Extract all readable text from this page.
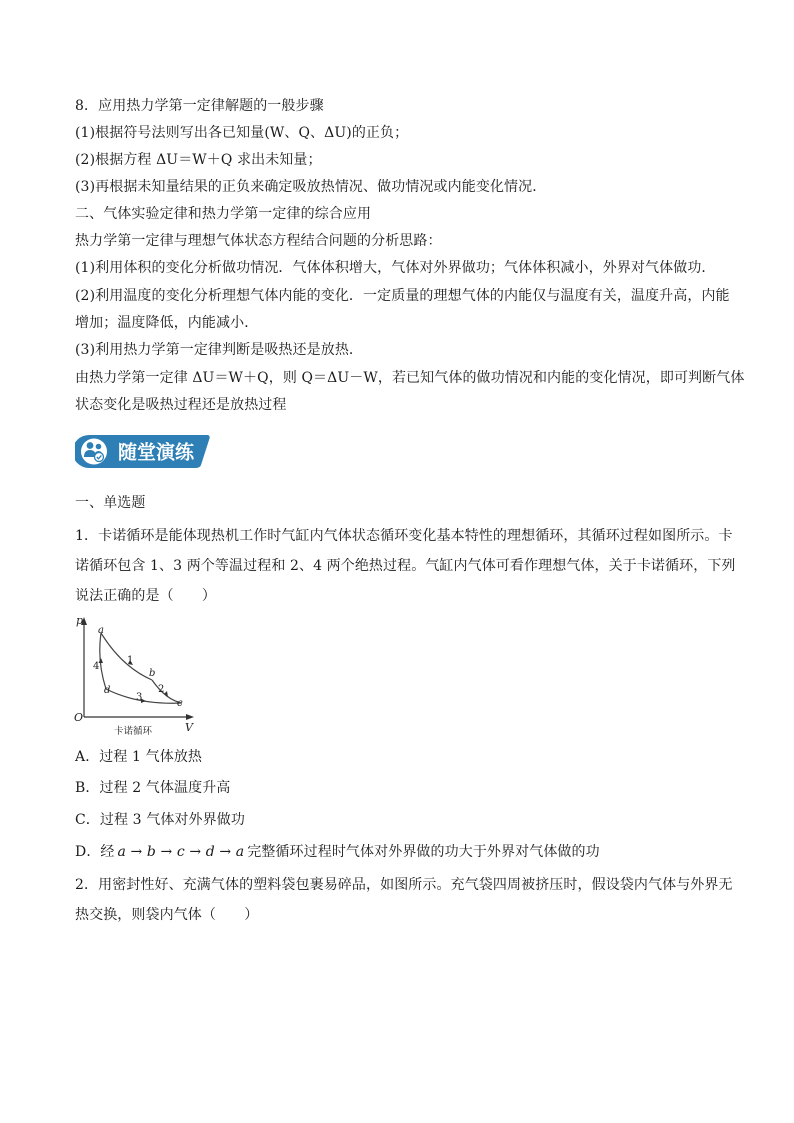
8．应用热力学第一定律解题的一般步骤
(1)根据符号法则写出各已知量(W、Q、ΔU)的正负；
(2)根据方程 ΔU＝W＋Q 求出未知量；
(3)再根据未知量结果的正负来确定吸放热情况、做功情况或内能变化情况．
二、气体实验定律和热力学第一定律的综合应用
热力学第一定律与理想气体状态方程结合问题的分析思路：
(1)利用体积的变化分析做功情况．气体体积增大，气体对外界做功；气体体积减小，外界对气体做功．
(2)利用温度的变化分析理想气体内能的变化．一定质量的理想气体的内能仅与温度有关，温度升高，内能
增加；温度降低，内能减小．
(3)利用热力学第一定律判断是吸热还是放热．
由热力学第一定律 ΔU＝W＋Q，则 Q＝ΔU－W，若已知气体的做功情况和内能的变化情况，即可判断气体
状态变化是吸热过程还是放热过程
随堂演练
一、单选题
1．卡诺循环是能体现热机工作时气缸内气体状态循环变化基本特性的理想循环，其循环过程如图所示。卡
诺循环包含 1、3 两个等温过程和 2、4 两个绝热过程。气缸内气体可看作理想气体，关于卡诺循环，下列
说法正确的是（　　）
p
V
O
a
b
c
d
1
2
3
4
卡诺循环
A．过程 1 气体放热
B．过程 2 气体温度升高
C．过程 3 气体对外界做功
D．经 a → b → c → d → a 完整循环过程时气体对外界做的功大于外界对气体做的功
2．用密封性好、充满气体的塑料袋包裹易碎品，如图所示。充气袋四周被挤压时，假设袋内气体与外界无
热交换，则袋内气体（　　）
